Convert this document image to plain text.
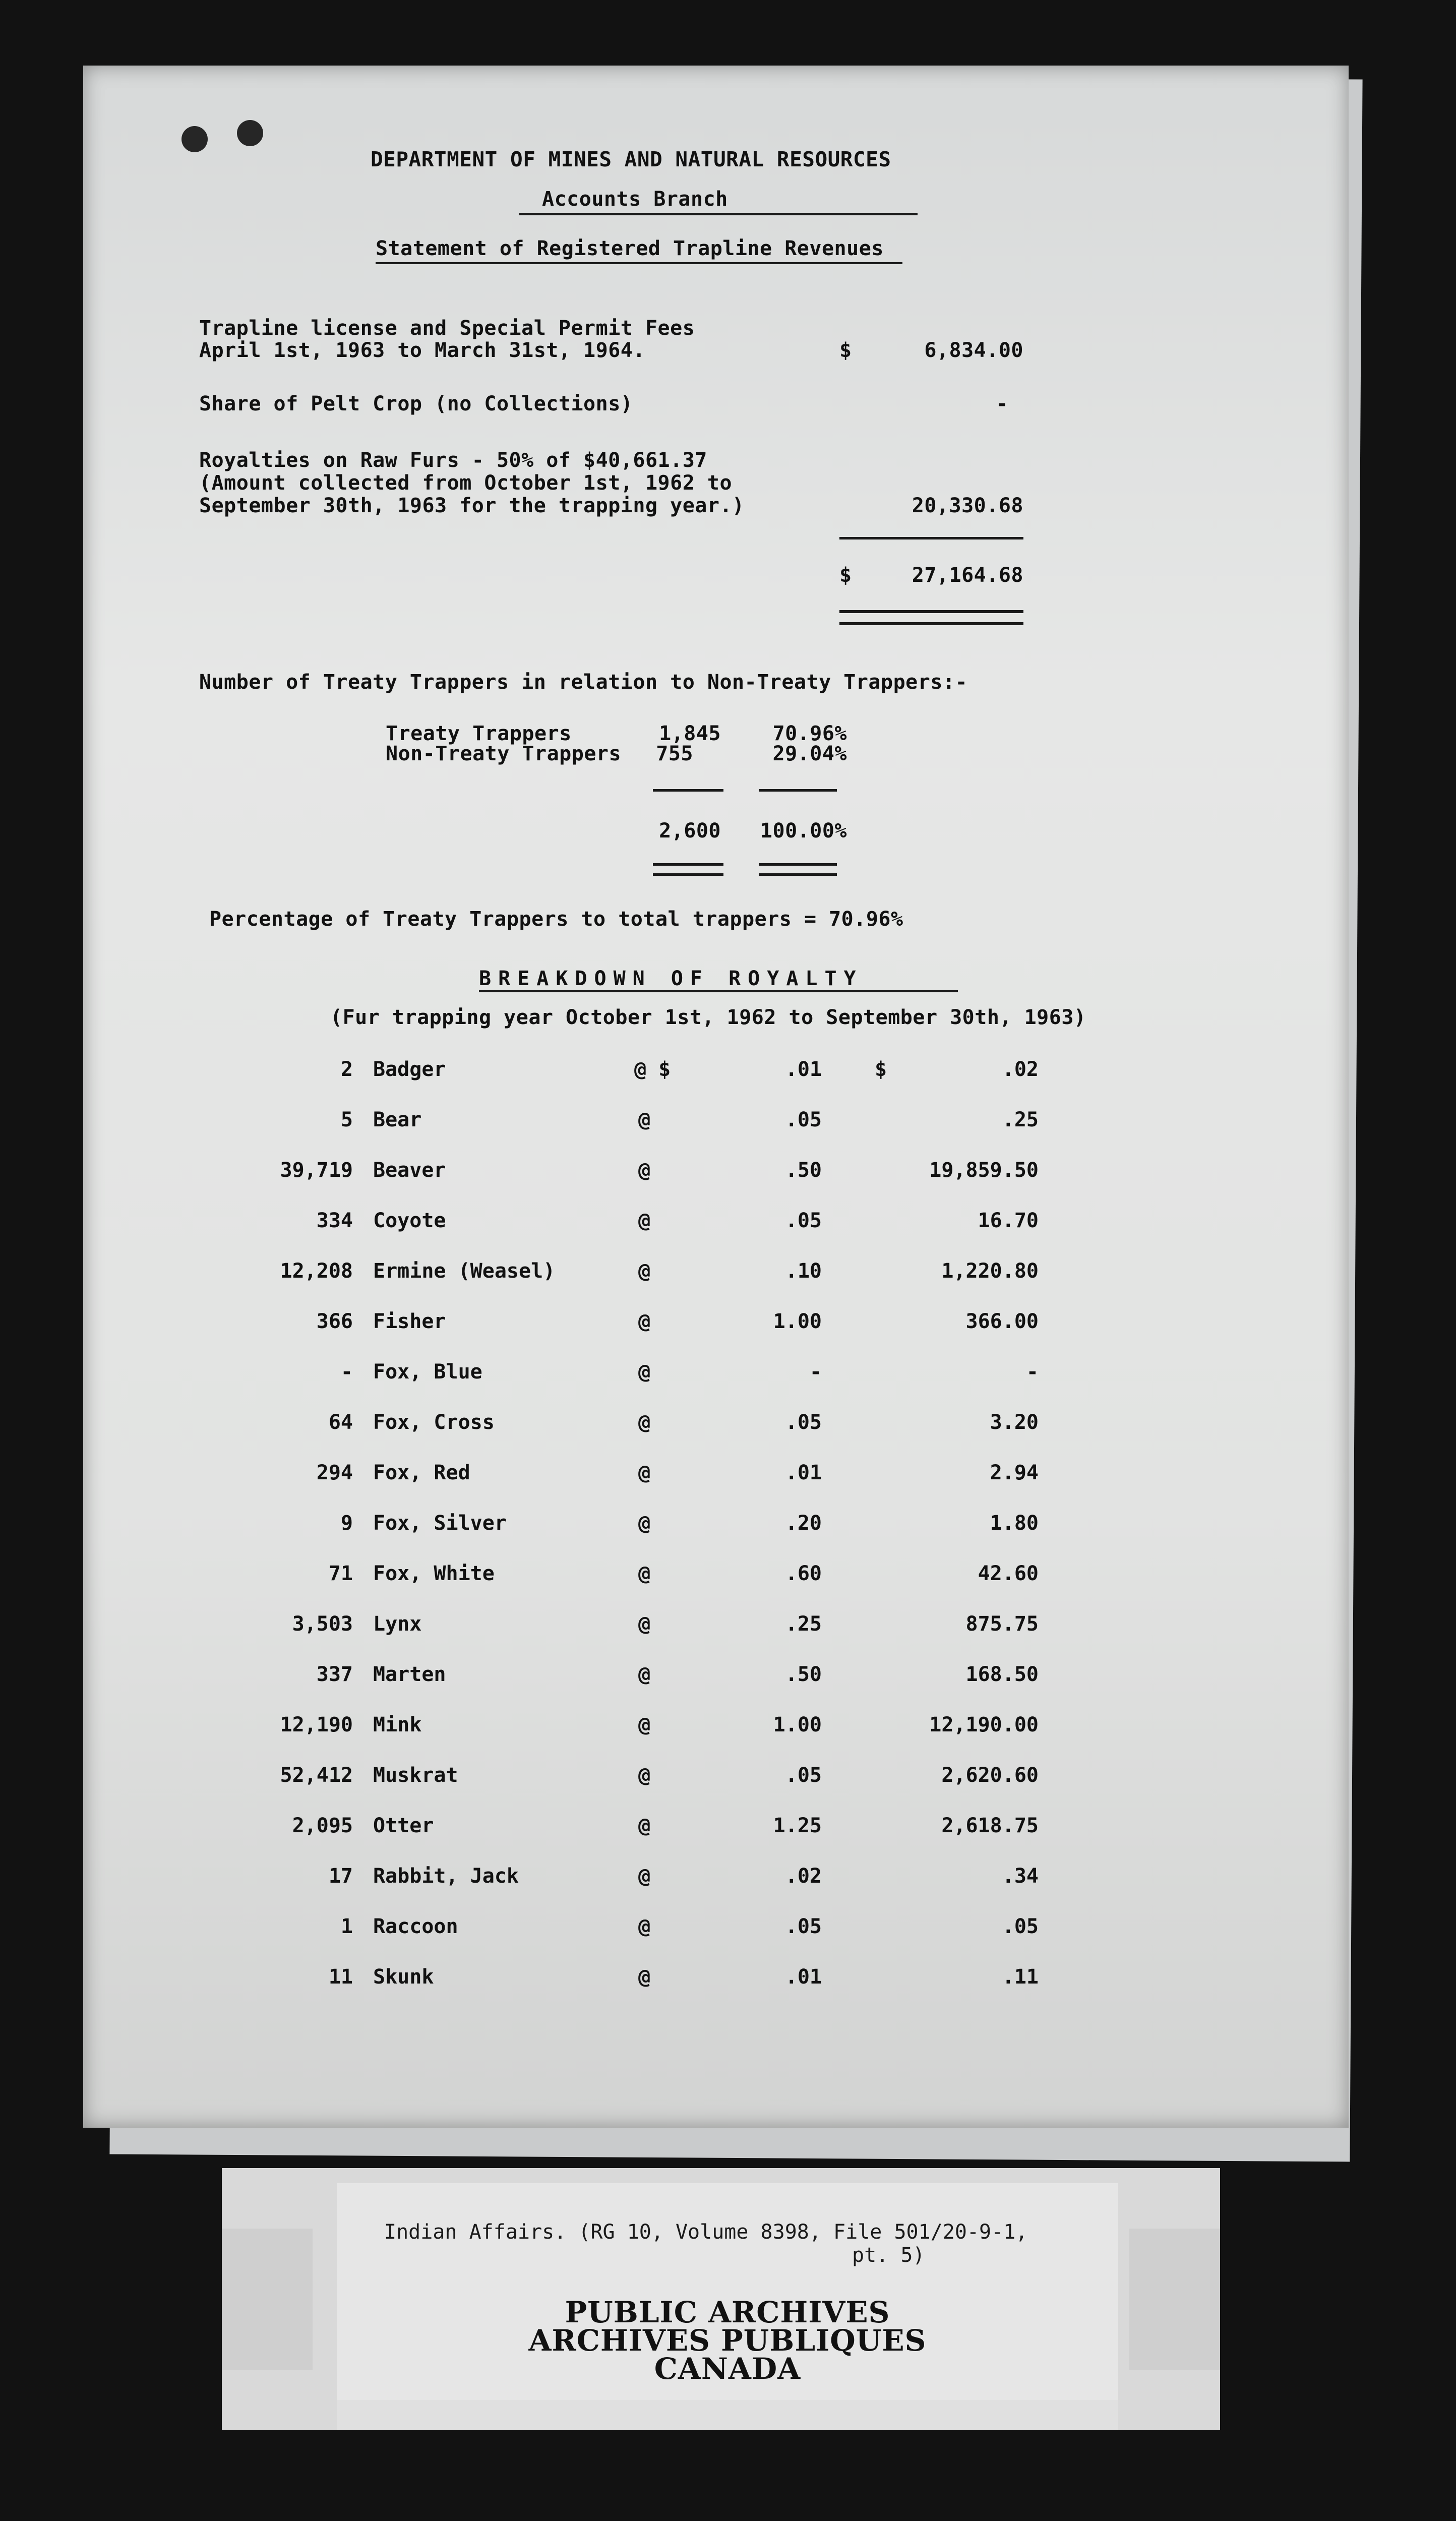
DEPARTMENT OF MINES AND NATURAL RESOURCES
Accounts Branch
Statement of Registered Trapline Revenues
Trapline license and Special Permit Fees
April 1st, 1963 to March 31st, 1964.	$	6,834.00
Share of Pelt Crop (no Collections)	-
Royalties on Raw Furs - 50% of $40,661.37
(Amount collected from October 1st, 1962 to
September 30th, 1963 for the trapping year.)	20,330.68
$	27,164.68
Number of Treaty Trappers in relation to Non-Treaty Trappers:-
Treaty Trappers	1,845	70.96%
Non-Treaty Trappers	755	29.04%
2,600	100.00%
Percentage of Treaty Trappers to total trappers = 70.96%
BREAKDOWN OF ROYALTY
(Fur trapping year October 1st, 1962 to September 30th, 1963)
2 Badger	@ $	.01	$	.02
5 Bear	@	.05	.25
39,719 Beaver	@	.50	19,859.50
334 Coyote	@	.05	16.70
12,208 Ermine (Weasel)	@	.10	1,220.80
366 Fisher	@	1.00	366.00
- Fox, Blue	@	-	-
64 Fox, Cross	@	.05	3.20
294 Fox, Red	@	.01	2.94
9 Fox, Silver	@	.20	1.80
71 Fox, White	@	.60	42.60
3,503 Lynx	@	.25	875.75
337 Marten	@	.50	168.50
12,190 Mink	@	1.00	12,190.00
52,412 Muskrat	@	.05	2,620.60
2,095 Otter	@	1.25	2,618.75
17 Rabbit, Jack	@	.02	.34
1 Raccoon	@	.05	.05
11 Skunk	@	.01	.11
Indian Affairs. (RG 10, Volume 8398, File 501/20-9-1,
pt. 5)
PUBLIC ARCHIVES
ARCHIVES PUBLIQUES
CANADA
